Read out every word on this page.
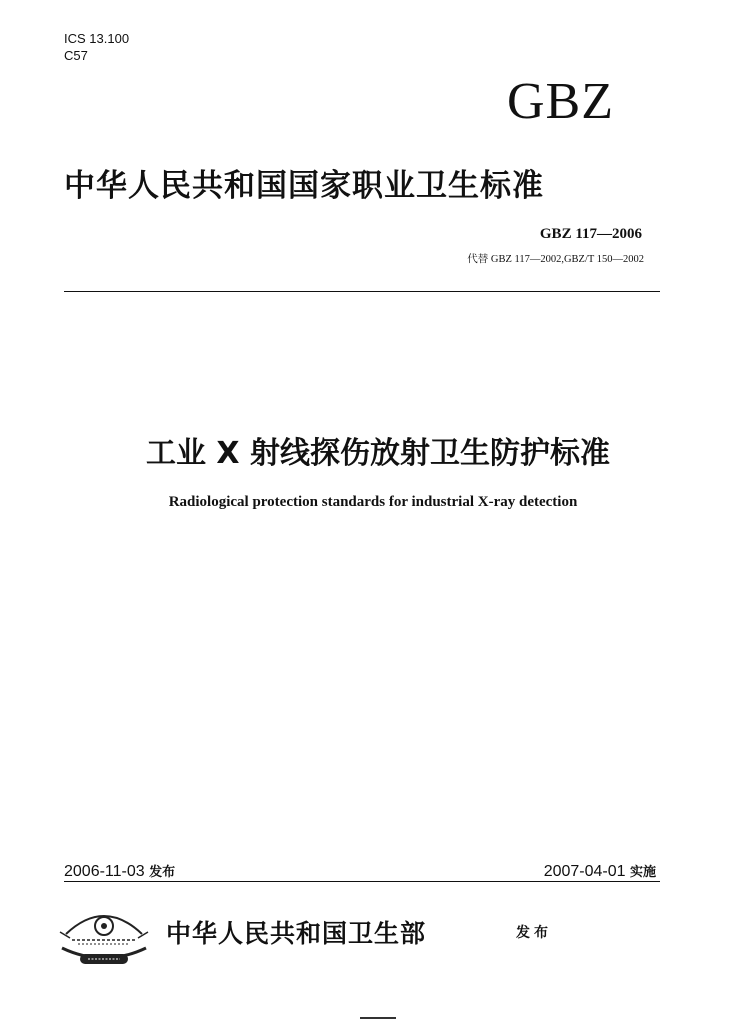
ICS 13.100
C57
GBZ
中华人民共和国国家职业卫生标准
GBZ 117—2006
代替 GBZ 117—2002,GBZ/T 150—2002
工业 X 射线探伤放射卫生防护标准
Radiological protection standards for industrial X-ray detection
2006-11-03 发布	2007-04-01 实施
中华人民共和国卫生部	发布
